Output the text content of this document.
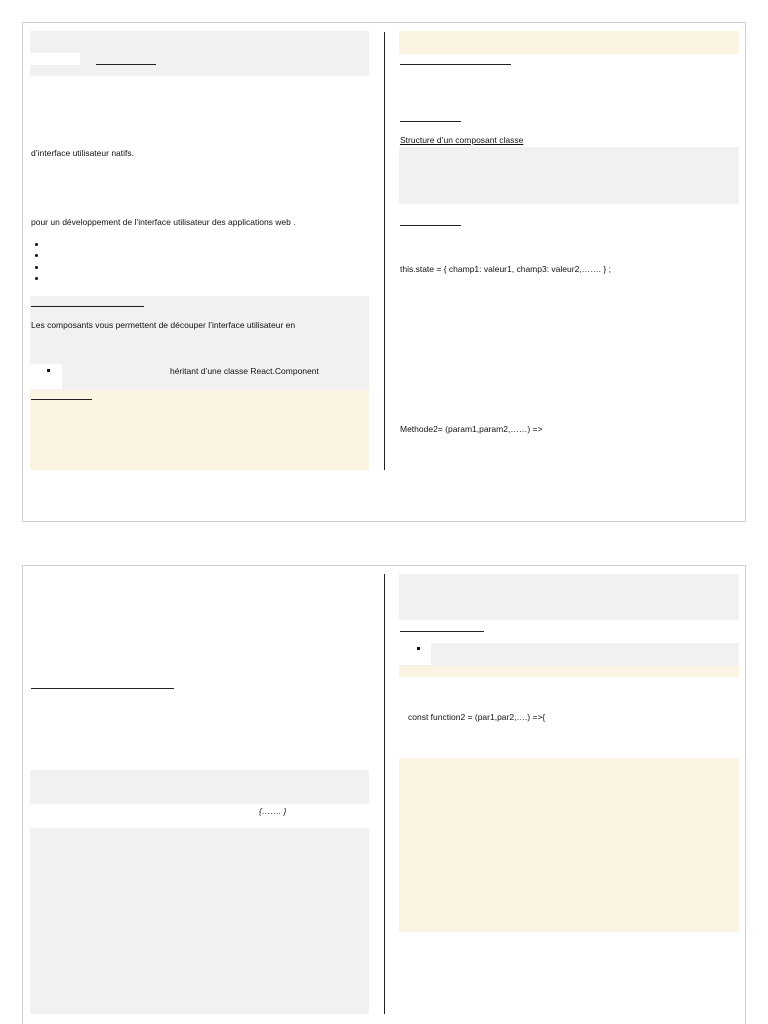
d’interface utilisateur natifs.
pour un développement de l’interface utilisateur des applications web .
Les composants vous permettent de découper l’interface utilisateur en
héritant d’une classe React.Component
Structure d’un composant classe
this.state = { champ1: valeur1, champ3: valeur2,……. } ;
Methode2= (param1,param2,……) =>
{……. }
const function2 = (par1,par2,….) =>{
